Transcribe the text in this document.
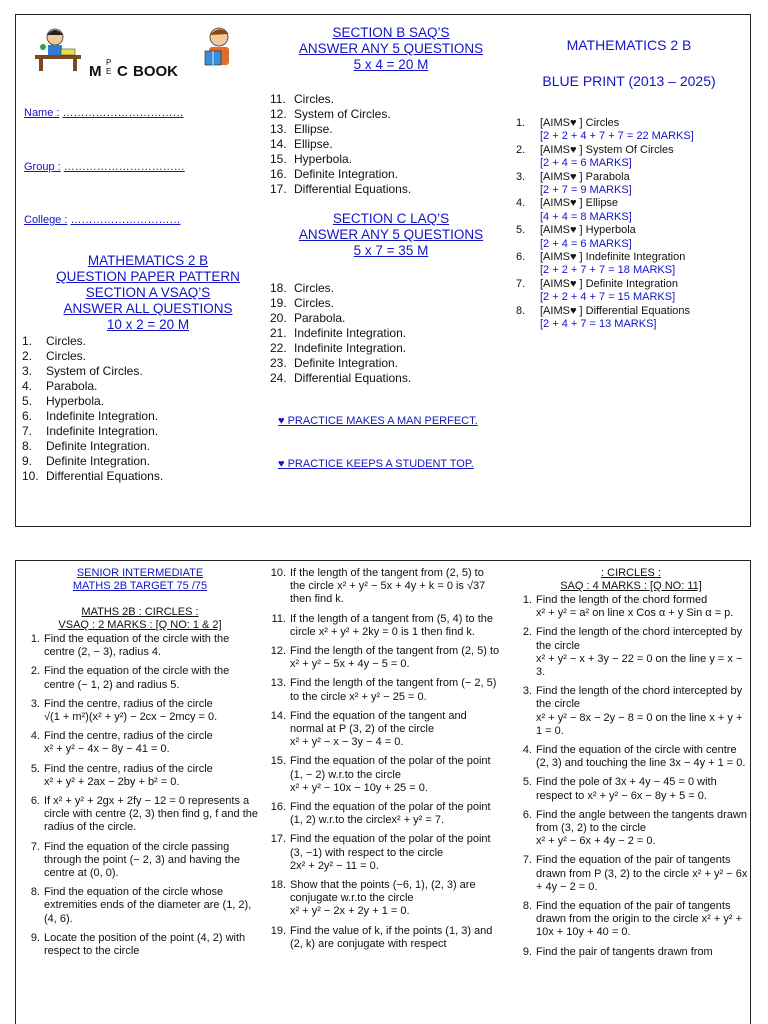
M
P
E C BOOK
Name : ……………………………
Group : ……………………………
College : …………………………
MATHEMATICS 2 B
QUESTION PAPER PATTERN
SECTION A VSAQ’S
ANSWER ALL QUESTIONS
10 x 2 = 20 M
1.	Circles.
2.	Circles.
3.	System of Circles.
4.	Parabola.
5.	Hyperbola.
6.	Indefinite Integration.
7.	Indefinite Integration.
8.	Definite Integration.
9.	Definite Integration.
10. Differential Equations.
SECTION B SAQ’S
ANSWER ANY 5 QUESTIONS
5 x 4 = 20 M
11. Circles.
12. System of Circles.
13. Ellipse.
14. Ellipse.
15. Hyperbola.
16. Definite Integration.
17. Differential Equations.
SECTION C LAQ’S
ANSWER ANY 5 QUESTIONS
5 x 7 = 35 M
18. Circles.
19. Circles.
20. Parabola.
21. Indefinite Integration.
22. Indefinite Integration.
23. Definite Integration.
24. Differential Equations.
♥ PRACTICE MAKES A MAN PERFECT.
♥ PRACTICE KEEPS A STUDENT TOP.
MATHEMATICS 2 B
BLUE PRINT (2013 – 2025)
1.	[AIMS♥ ] Circles
[2 + 2 + 4 + 7 + 7 = 22 MARKS]
2.	[AIMS♥ ] System Of Circles
[2 + 4 = 6 MARKS]
3.	[AIMS♥ ] Parabola
[2 + 7 = 9 MARKS]
4.	[AIMS♥ ] Ellipse
[4 + 4 = 8 MARKS]
5.	[AIMS♥ ] Hyperbola
[2 + 4 = 6 MARKS]
6.	[AIMS♥ ] Indefinite Integration
[2 + 2 + 7 + 7 = 18 MARKS]
7.	[AIMS♥ ] Definite Integration
[2 + 2 + 4 + 7 = 15 MARKS]
8.	[AIMS♥ ] Differential Equations
[2 + 4 + 7 = 13 MARKS]
SENIOR INTERMEDIATE
MATHS 2B TARGET 75 /75
MATHS 2B : CIRCLES :
VSAQ : 2 MARKS : [Q NO: 1 & 2]
1. Find the equation of the circle with the centre (2, − 3), radius 4.
2. Find the equation of the circle with the centre (− 1, 2) and radius 5.
3. Find the centre, radius of the circle
√(1 + m²)(x² + y²) − 2cx − 2mcy = 0.
4. Find the centre, radius of the circle
x² + y² − 4x − 8y − 41 = 0.
5. Find the centre, radius of the circle
x² + y² + 2ax − 2by + b² = 0.
6. If x² + y² + 2gx + 2fy − 12 = 0 represents a circle with centre (2, 3) then find g, f and the radius of the circle.
7. Find the equation of the circle passing through the point (− 2, 3) and having the centre at (0, 0).
8. Find the equation of the circle whose extremities ends of the diameter are (1, 2), (4, 6).
9. Locate the position of the point (4, 2) with respect to the circle
10. If the length of the tangent from (2, 5) to the circle x² + y² − 5x + 4y + k = 0 is √37 then find k.
11. If the length of a tangent from (5, 4) to the circle x² + y² + 2ky = 0 is 1 then find k.
12. Find the length of the tangent from (2, 5) to x² + y² − 5x + 4y − 5 = 0.
13. Find the length of the tangent from (− 2, 5) to the circle x² + y² − 25 = 0.
14. Find the equation of the tangent and normal at P (3, 2) of the circle
x² + y² − x − 3y − 4 = 0.
15. Find the equation of the polar of the point (1, − 2) w.r.to the circle
x² + y² − 10x − 10y + 25 = 0.
16. Find the equation of the polar of the point (1, 2) w.r.to the circlex² + y² = 7.
17. Find the equation of the polar of the point (3, −1) with respect to the circle
2x² + 2y² − 11 = 0.
18. Show that the points (−6, 1), (2, 3) are conjugate w.r.to the circle
x² + y² − 2x + 2y + 1 = 0.
19. Find the value of k, if the points (1, 3) and (2, k) are conjugate with respect
: CIRCLES :
SAQ : 4 MARKS : [Q NO: 11]
1. Find the length of the chord formed
x² + y² = a² on line x Cos α + y Sin α = p.
2. Find the length of the chord intercepted by the circle
x² + y² − x + 3y − 22 = 0 on the line y = x − 3.
3. Find the length of the chord intercepted by the circle
x² + y² − 8x − 2y − 8 = 0 on the line x + y + 1 = 0.
4. Find the equation of the circle with centre (2, 3) and touching the line 3x − 4y + 1 = 0.
5. Find the pole of 3x + 4y − 45 = 0 with respect to x² + y² − 6x − 8y + 5 = 0.
6. Find the angle between the tangents drawn from (3, 2) to the circle
x² + y² − 6x + 4y − 2 = 0.
7. Find the equation of the pair of tangents drawn from P (3, 2) to the circle x² + y² − 6x + 4y − 2 = 0.
8. Find the equation of the pair of tangents drawn from the origin to the circle x² + y² + 10x + 10y + 40 = 0.
9. Find the pair of tangents drawn from
